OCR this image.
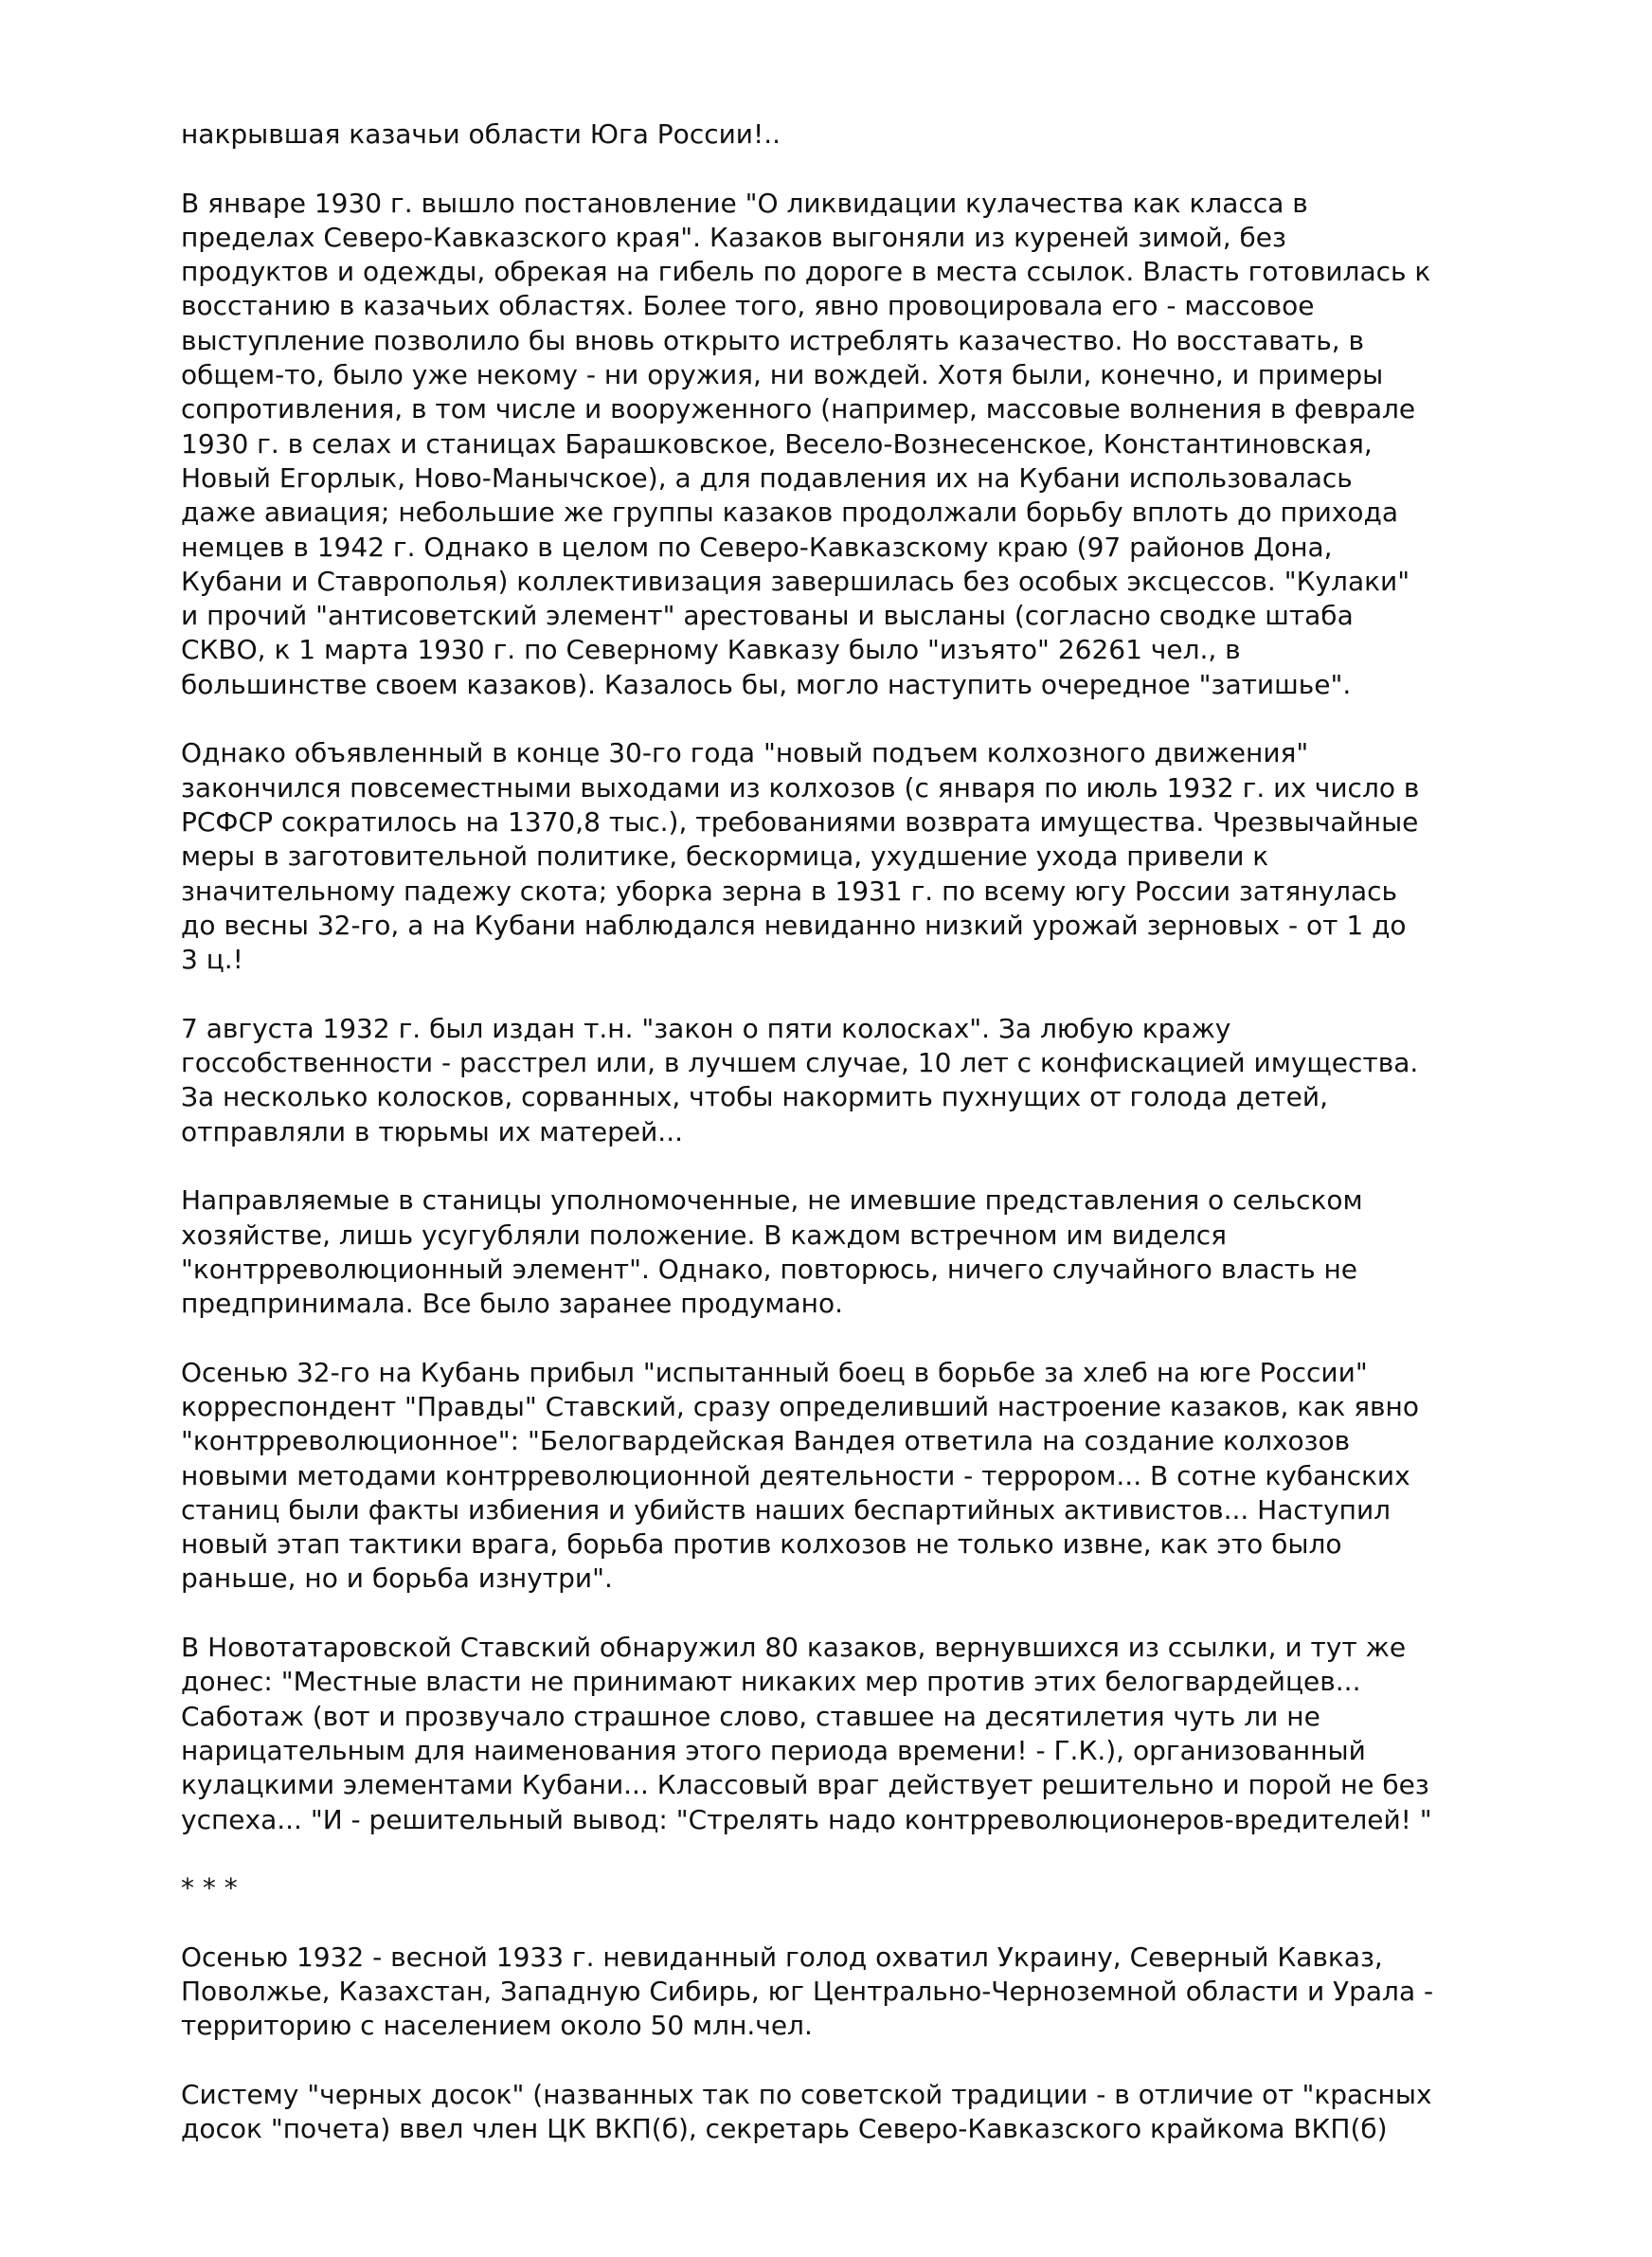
накрывшая казачьи области Юга России!..

В январе 1930 г. вышло постановление "О ликвидации кулачества как класса в
пределах Северо-Кавказского края". Казаков выгоняли из куреней зимой, без
продуктов и одежды, обрекая на гибель по дороге в места ссылок. Власть готовилась к
восстанию в казачьих областях. Более того, явно провоцировала его - массовое
выступление позволило бы вновь открыто истреблять казачество. Но восставать, в
общем-то, было уже некому - ни оружия, ни вождей. Хотя были, конечно, и примеры
сопротивления, в том числе и вооруженного (например, массовые волнения в феврале
1930 г. в селах и станицах Барашковское, Весело-Вознесенское, Константиновская,
Новый Егорлык, Ново-Манычское), а для подавления их на Кубани использовалась
даже авиация; небольшие же группы казаков продолжали борьбу вплоть до прихода
немцев в 1942 г. Однако в целом по Северо-Кавказскому краю (97 районов Дона,
Кубани и Ставрополья) коллективизация завершилась без особых эксцессов. "Кулаки"
и прочий "антисоветский элемент" арестованы и высланы (согласно сводке штаба
СКВО, к 1 марта 1930 г. по Северному Кавказу было "изъято" 26261 чел., в
большинстве своем казаков). Казалось бы, могло наступить очередное "затишье".

Однако объявленный в конце 30-го года "новый подъем колхозного движения"
закончился повсеместными выходами из колхозов (с января по июль 1932 г. их число в
РСФСР сократилось на 1370,8 тыс.), требованиями возврата имущества. Чрезвычайные
меры в заготовительной политике, бескормица, ухудшение ухода привели к
значительному падежу скота; уборка зерна в 1931 г. по всему югу России затянулась
до весны 32-го, а на Кубани наблюдался невиданно низкий урожай зерновых - от 1 до
3 ц.!

7 августа 1932 г. был издан т.н. "закон о пяти колосках". За любую кражу
госсобственности - расстрел или, в лучшем случае, 10 лет с конфискацией имущества.
За несколько колосков, сорванных, чтобы накормить пухнущих от голода детей,
отправляли в тюрьмы их матерей...

Направляемые в станицы уполномоченные, не имевшие представления о сельском
хозяйстве, лишь усугубляли положение. В каждом встречном им виделся
"контрреволюционный элемент". Однако, повторюсь, ничего случайного власть не
предпринимала. Все было заранее продумано.

Осенью 32-го на Кубань прибыл "испытанный боец в борьбе за хлеб на юге России"
корреспондент "Правды" Ставский, сразу определивший настроение казаков, как явно
"контрреволюционное": "Белогвардейская Вандея ответила на создание колхозов
новыми методами контрреволюционной деятельности - террором... В сотне кубанских
станиц были факты избиения и убийств наших беспартийных активистов... Наступил
новый этап тактики врага, борьба против колхозов не только извне, как это было
раньше, но и борьба изнутри".

В Новотатаровской Ставский обнаружил 80 казаков, вернувшихся из ссылки, и тут же
донес: "Местные власти не принимают никаких мер против этих белогвардейцев...
Саботаж (вот и прозвучало страшное слово, ставшее на десятилетия чуть ли не
нарицательным для наименования этого периода времени! - Г.К.), организованный
кулацкими элементами Кубани... Классовый враг действует решительно и порой не без
успеха... "И - решительный вывод: "Стрелять надо контрреволюционеров-вредителей! "

* * *

Осенью 1932 - весной 1933 г. невиданный голод охватил Украину, Северный Кавказ,
Поволжье, Казахстан, Западную Сибирь, юг Центрально-Черноземной области и Урала -
территорию с населением около 50 млн.чел.

Систему "черных досок" (названных так по советской традиции - в отличие от "красных
досок "почета) ввел член ЦК ВКП(б), секретарь Северо-Кавказского крайкома ВКП(б)
